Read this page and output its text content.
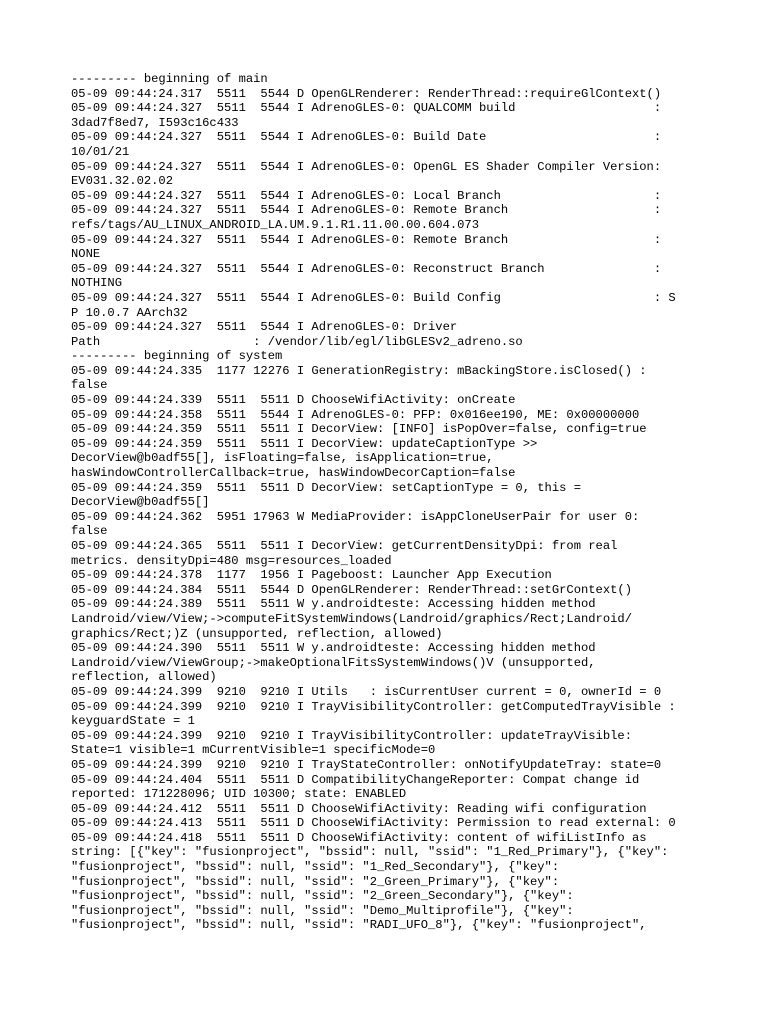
--------- beginning of main
05-09 09:44:24.317  5511  5544 D OpenGLRenderer: RenderThread::requireGlContext()
05-09 09:44:24.327  5511  5544 I AdrenoGLES-0: QUALCOMM build                   :
3dad7f8ed7, I593c16c433
05-09 09:44:24.327  5511  5544 I AdrenoGLES-0: Build Date                       :
10/01/21
05-09 09:44:24.327  5511  5544 I AdrenoGLES-0: OpenGL ES Shader Compiler Version:
EV031.32.02.02
05-09 09:44:24.327  5511  5544 I AdrenoGLES-0: Local Branch                     :
05-09 09:44:24.327  5511  5544 I AdrenoGLES-0: Remote Branch                    :
refs/tags/AU_LINUX_ANDROID_LA.UM.9.1.R1.11.00.00.604.073
05-09 09:44:24.327  5511  5544 I AdrenoGLES-0: Remote Branch                    :
NONE
05-09 09:44:24.327  5511  5544 I AdrenoGLES-0: Reconstruct Branch               :
NOTHING
05-09 09:44:24.327  5511  5544 I AdrenoGLES-0: Build Config                     : S
P 10.0.7 AArch32
05-09 09:44:24.327  5511  5544 I AdrenoGLES-0: Driver
Path                     : /vendor/lib/egl/libGLESv2_adreno.so
--------- beginning of system
05-09 09:44:24.335  1177 12276 I GenerationRegistry: mBackingStore.isClosed() :
false
05-09 09:44:24.339  5511  5511 D ChooseWifiActivity: onCreate
05-09 09:44:24.358  5511  5544 I AdrenoGLES-0: PFP: 0x016ee190, ME: 0x00000000
05-09 09:44:24.359  5511  5511 I DecorView: [INFO] isPopOver=false, config=true
05-09 09:44:24.359  5511  5511 I DecorView: updateCaptionType >>
DecorView@b0adf55[], isFloating=false, isApplication=true,
hasWindowControllerCallback=true, hasWindowDecorCaption=false
05-09 09:44:24.359  5511  5511 D DecorView: setCaptionType = 0, this =
DecorView@b0adf55[]
05-09 09:44:24.362  5951 17963 W MediaProvider: isAppCloneUserPair for user 0:
false
05-09 09:44:24.365  5511  5511 I DecorView: getCurrentDensityDpi: from real
metrics. densityDpi=480 msg=resources_loaded
05-09 09:44:24.378  1177  1956 I Pageboost: Launcher App Execution
05-09 09:44:24.384  5511  5544 D OpenGLRenderer: RenderThread::setGrContext()
05-09 09:44:24.389  5511  5511 W y.androidteste: Accessing hidden method
Landroid/view/View;->computeFitSystemWindows(Landroid/graphics/Rect;Landroid/
graphics/Rect;)Z (unsupported, reflection, allowed)
05-09 09:44:24.390  5511  5511 W y.androidteste: Accessing hidden method
Landroid/view/ViewGroup;->makeOptionalFitsSystemWindows()V (unsupported,
reflection, allowed)
05-09 09:44:24.399  9210  9210 I Utils   : isCurrentUser current = 0, ownerId = 0
05-09 09:44:24.399  9210  9210 I TrayVisibilityController: getComputedTrayVisible :
keyguardState = 1
05-09 09:44:24.399  9210  9210 I TrayVisibilityController: updateTrayVisible:
State=1 visible=1 mCurrentVisible=1 specificMode=0
05-09 09:44:24.399  9210  9210 I TrayStateController: onNotifyUpdateTray: state=0
05-09 09:44:24.404  5511  5511 D CompatibilityChangeReporter: Compat change id
reported: 171228096; UID 10300; state: ENABLED
05-09 09:44:24.412  5511  5511 D ChooseWifiActivity: Reading wifi configuration
05-09 09:44:24.413  5511  5511 D ChooseWifiActivity: Permission to read external: 0
05-09 09:44:24.418  5511  5511 D ChooseWifiActivity: content of wifiListInfo as
string: [{"key": "fusionproject", "bssid": null, "ssid": "1_Red_Primary"}, {"key":
"fusionproject", "bssid": null, "ssid": "1_Red_Secondary"}, {"key":
"fusionproject", "bssid": null, "ssid": "2_Green_Primary"}, {"key":
"fusionproject", "bssid": null, "ssid": "2_Green_Secondary"}, {"key":
"fusionproject", "bssid": null, "ssid": "Demo_Multiprofile"}, {"key":
"fusionproject", "bssid": null, "ssid": "RADI_UFO_8"}, {"key": "fusionproject",
